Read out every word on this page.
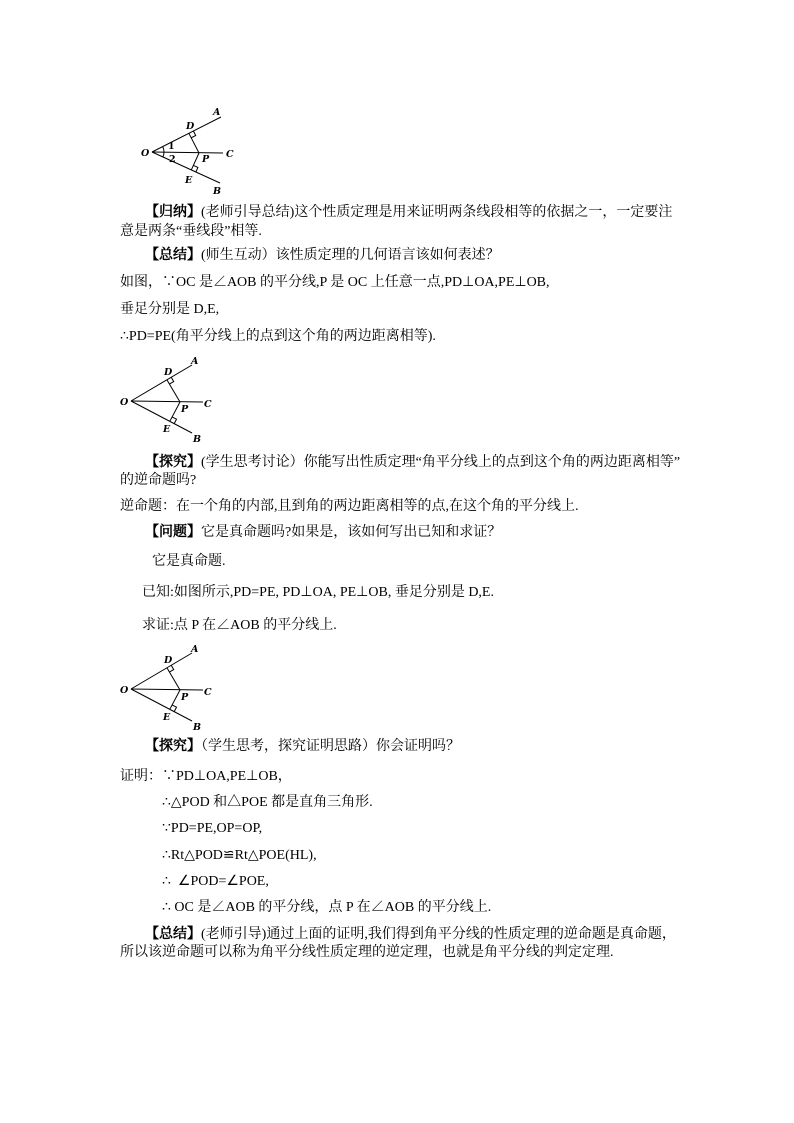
O
A
D
1
2	P C
E
B
【归纳】(老师引导总结)这个性质定理是用来证明两条线段相等的依据之一，一定要注
意是两条“垂线段”相等.
【总结】(师生互动）该性质定理的几何语言该如何表述？
如图，∵OC 是∠AOB 的平分线,P 是 OC 上任意一点,PD⊥OA,PE⊥OB,
垂足分别是 D,E,
∴PD=PE(角平分线上的点到这个角的两边距离相等).
O
A
D
P C
E
B
【探究】(学生思考讨论）你能写出性质定理“角平分线上的点到这个角的两边距离相等”
的逆命题吗?
逆命题：在一个角的内部,且到角的两边距离相等的点,在这个角的平分线上.
【问题】它是真命题吗?如果是，该如何写出已知和求证？
它是真命题.
已知:如图所示,PD=PE, PD⊥OA, PE⊥OB, 垂足分别是 D,E.
求证:点 P 在∠AOB 的平分线上.
O
A
D
P C
E
B
【探究】（学生思考，探究证明思路）你会证明吗？
证明：∵PD⊥OA,PE⊥OB，
∴△POD 和△POE 都是直角三角形.
∵PD=PE,OP=OP,
∴Rt△POD≌Rt△POE(HL),
∴  ∠POD=∠POE,
∴ OC 是∠AOB 的平分线，点 P 在∠AOB 的平分线上.
【总结】(老师引导)通过上面的证明,我们得到角平分线的性质定理的逆命题是真命题，
所以该逆命题可以称为角平分线性质定理的逆定理，也就是角平分线的判定定理.
